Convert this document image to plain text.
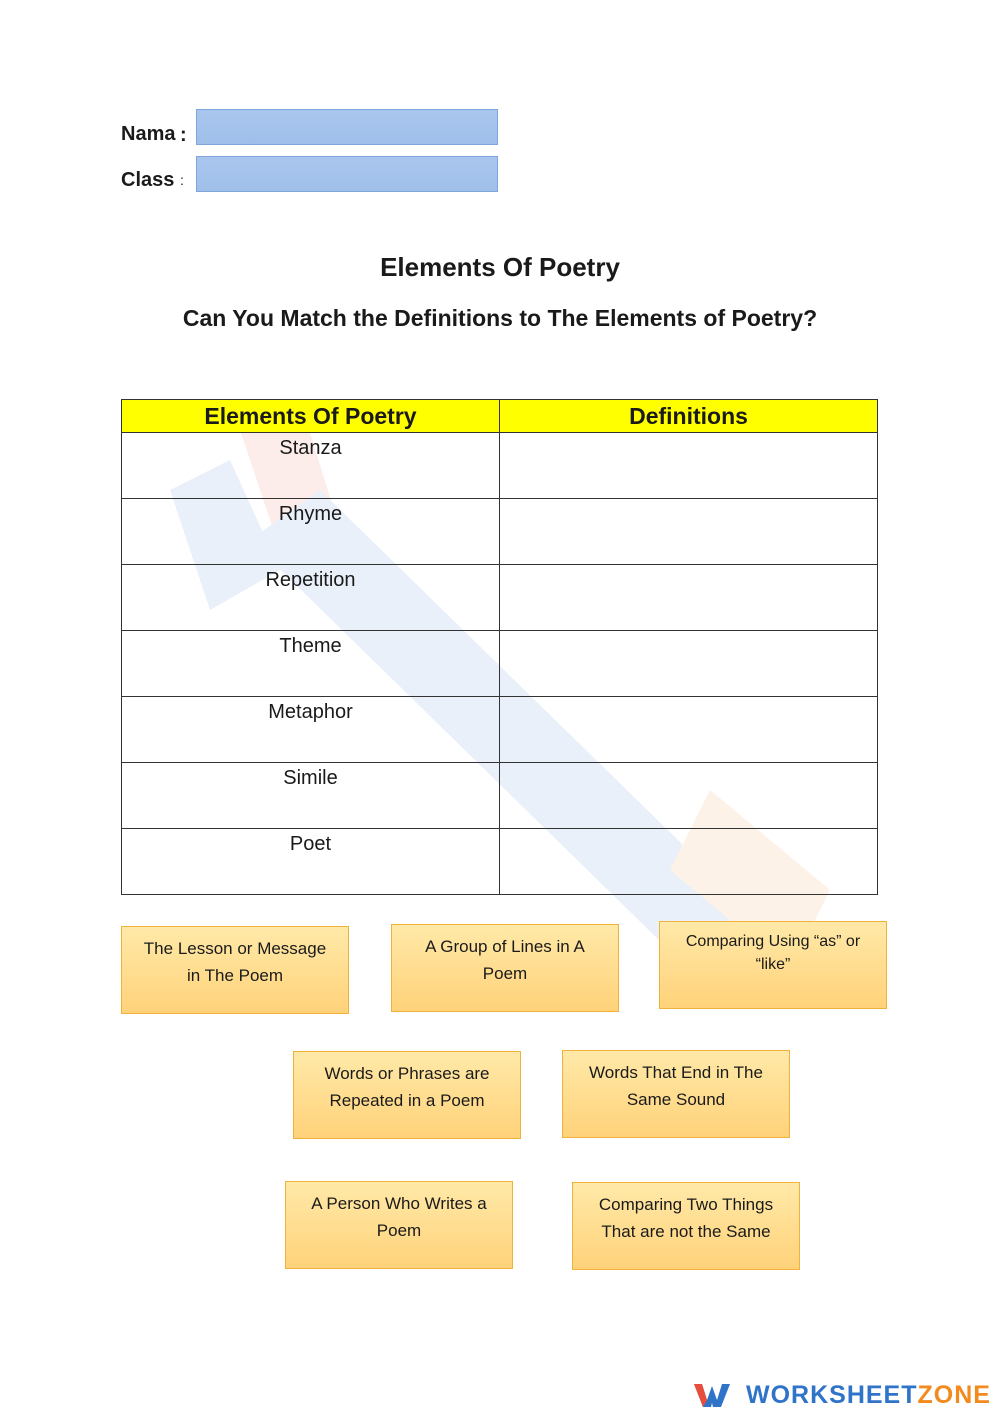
Nama :
Class :
Elements Of Poetry
Can You Match the Definitions to The Elements of Poetry?
Elements Of Poetry	Definitions

Stanza	

Rhyme	

Repetition	

Theme	

Metaphor	

Simile	

Poet	

The Lesson or Message
in The Poem
A Group of Lines in A
Poem
Comparing Using “as” or
“like”
Words or Phrases are
Repeated in a Poem
Words That End in The
Same Sound
A Person Who Writes a
Poem
Comparing Two Things
That are not the Same
WORKSHEETZONE
